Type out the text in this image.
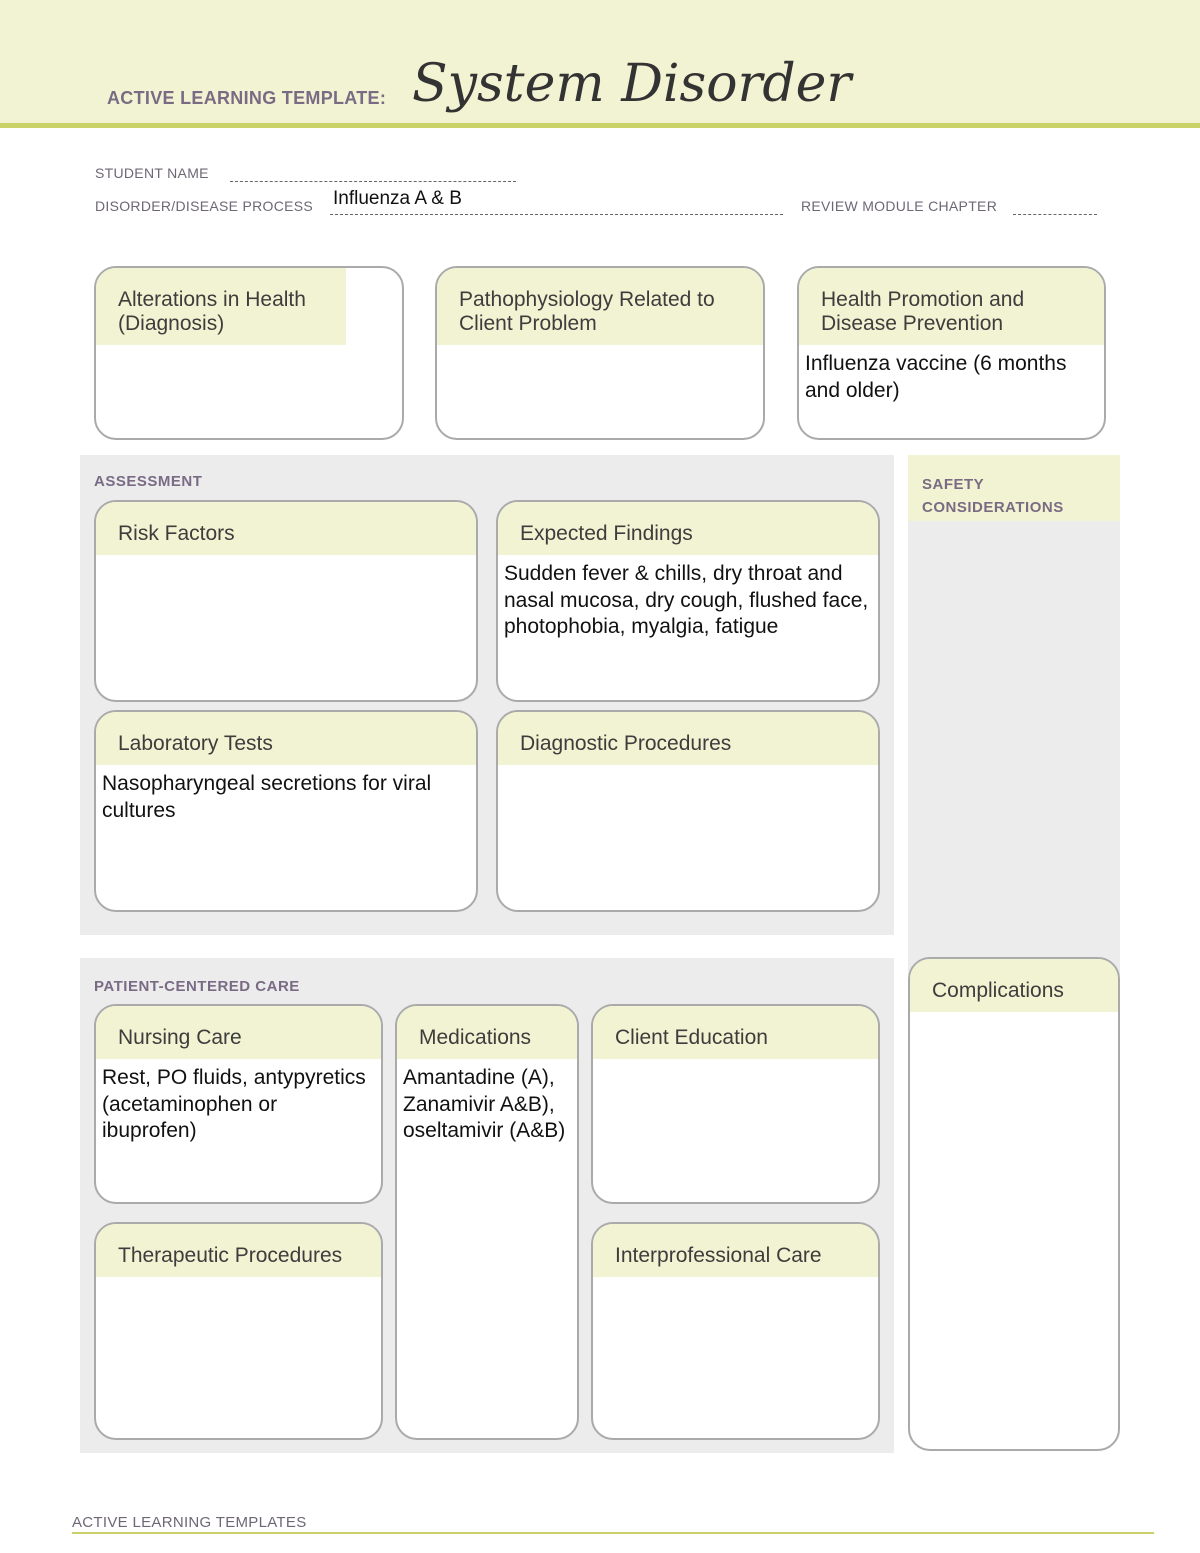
ACTIVE LEARNING TEMPLATE: System Disorder
STUDENT NAME
DISORDER/DISEASE PROCESS Influenza A & B	REVIEW MODULE CHAPTER
Alterations in Health (Diagnosis)
Pathophysiology Related to Client Problem
Health Promotion and Disease Prevention
Influenza vaccine (6 months and older)
ASSESSMENT
Risk Factors	Expected Findings
Sudden fever & chills, dry throat and nasal mucosa, dry cough, flushed face, photophobia, myalgia, fatigue
Laboratory Tests
Nasopharyngeal secretions for viral cultures
Diagnostic Procedures
SAFETY CONSIDERATIONS
PATIENT-CENTERED CARE
Nursing Care
Rest, PO fluids, antypyretics (acetaminophen or ibuprofen)
Medications
Amantadine (A), Zanamivir A&B), oseltamivir (A&B)
Client Education
Therapeutic Procedures	Interprofessional Care
Complications
ACTIVE LEARNING TEMPLATES
